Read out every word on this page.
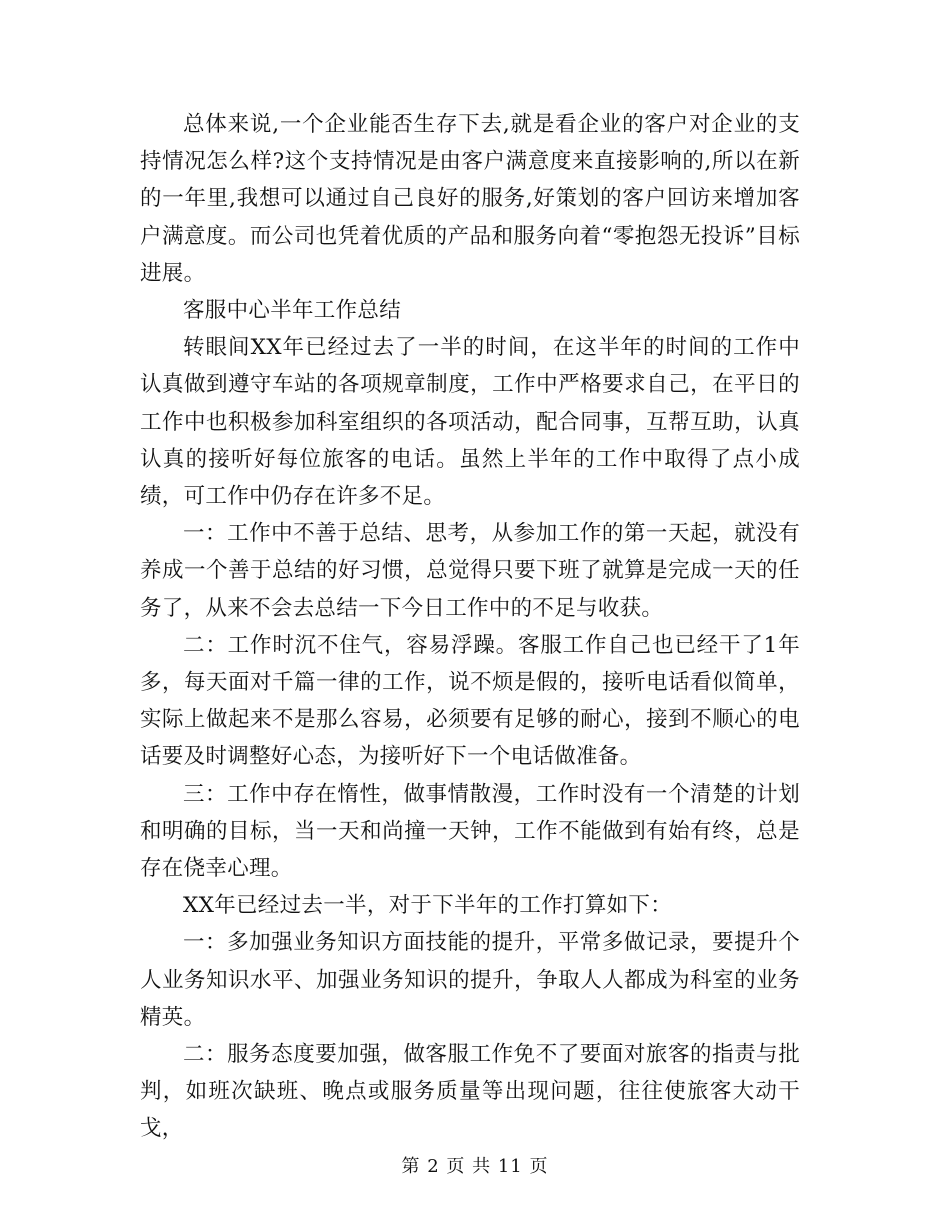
总体来说,一个企业能否生存下去,就是看企业的客户对企业的支持情况怎么样?这个支持情况是由客户满意度来直接影响的,所以在新的一年里,我想可以通过自己良好的服务,好策划的客户回访来增加客户满意度。而公司也凭着优质的产品和服务向着“零抱怨无投诉”目标进展。

客服中心半年工作总结

转眼间XX年已经过去了一半的时间，在这半年的时间的工作中认真做到遵守车站的各项规章制度，工作中严格要求自己，在平日的工作中也积极参加科室组织的各项活动，配合同事，互帮互助，认真认真的接听好每位旅客的电话。虽然上半年的工作中取得了点小成绩，可工作中仍存在许多不足。

一：工作中不善于总结、思考，从参加工作的第一天起，就没有养成一个善于总结的好习惯，总觉得只要下班了就算是完成一天的任务了，从来不会去总结一下今日工作中的不足与收获。

二：工作时沉不住气，容易浮躁。客服工作自己也已经干了1年多，每天面对千篇一律的工作，说不烦是假的，接听电话看似简单，实际上做起来不是那么容易，必须要有足够的耐心，接到不顺心的电话要及时调整好心态，为接听好下一个电话做准备。

三：工作中存在惰性，做事情散漫，工作时没有一个清楚的计划和明确的目标，当一天和尚撞一天钟，工作不能做到有始有终，总是存在侥幸心理。

XX年已经过去一半，对于下半年的工作打算如下：

一：多加强业务知识方面技能的提升，平常多做记录，要提升个人业务知识水平、加强业务知识的提升，争取人人都成为科室的业务精英。

二：服务态度要加强，做客服工作免不了要面对旅客的指责与批判，如班次缺班、晚点或服务质量等出现问题，往往使旅客大动干戈，

第 2 页 共 11 页
